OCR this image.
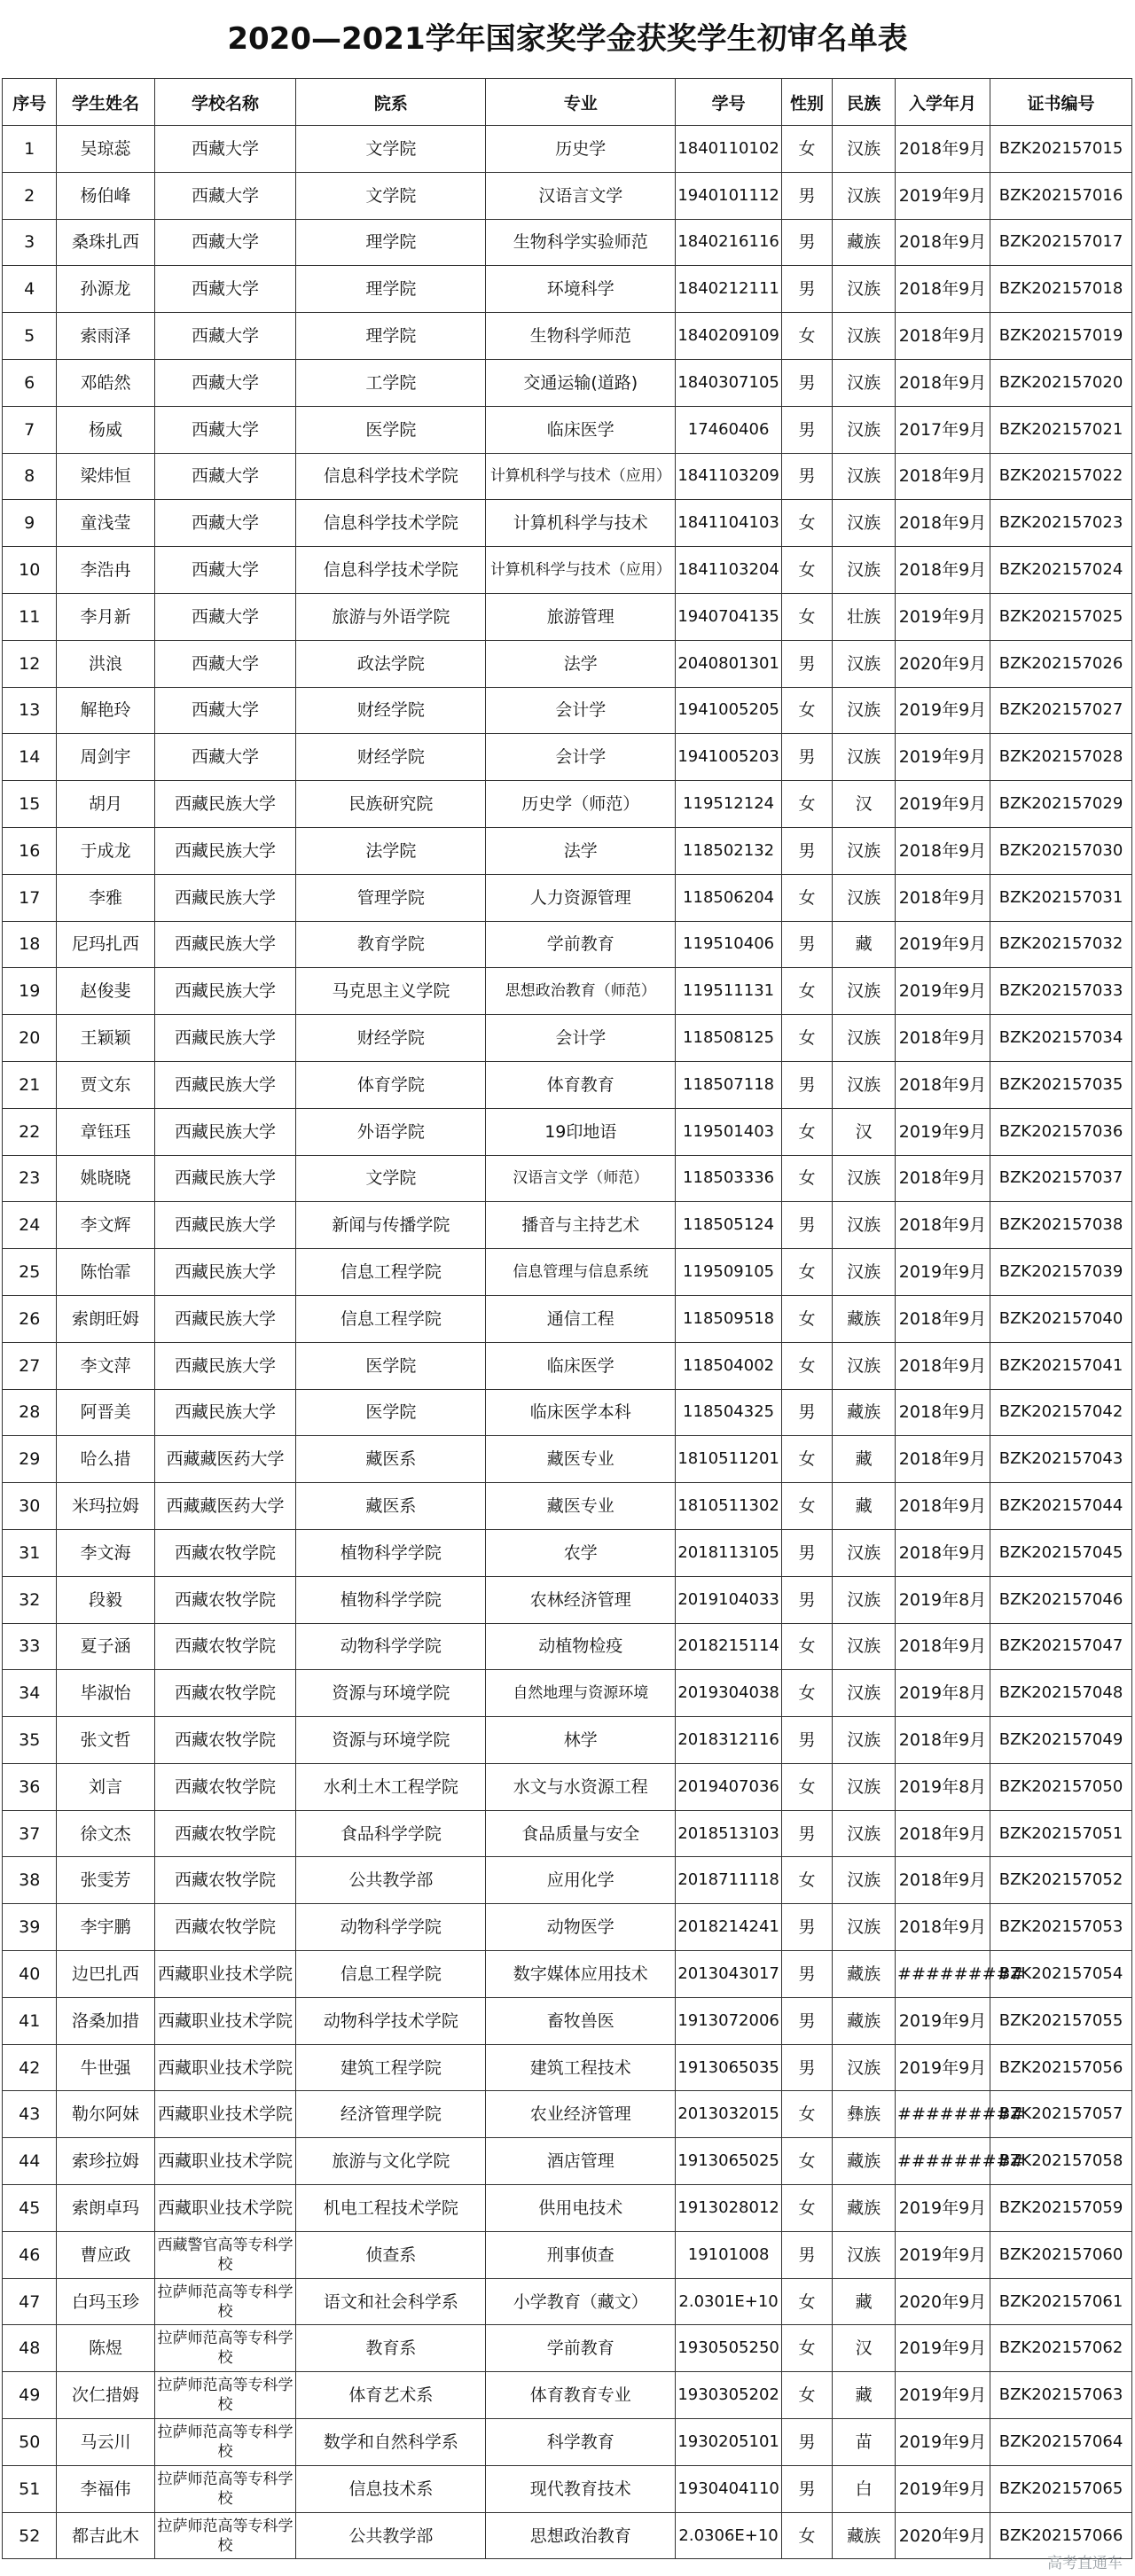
2020—2021学年国家奖学金获奖学生初审名单表
序号	学生姓名	学校名称	院系	专业	学号	性别	民族	入学年月	证书编号
1	吴琼蕊	西藏大学	文学院	历史学	1840110102	女	汉族	2018年9月	BZK202157015
2	杨伯峰	西藏大学	文学院	汉语言文学	1940101112	男	汉族	2019年9月	BZK202157016
3	桑珠扎西	西藏大学	理学院	生物科学实验师范	1840216116	男	藏族	2018年9月	BZK202157017
4	孙源龙	西藏大学	理学院	环境科学	1840212111	男	汉族	2018年9月	BZK202157018
5	索雨泽	西藏大学	理学院	生物科学师范	1840209109	女	汉族	2018年9月	BZK202157019
6	邓皓然	西藏大学	工学院	交通运输(道路)	1840307105	男	汉族	2018年9月	BZK202157020
7	杨威	西藏大学	医学院	临床医学	17460406	男	汉族	2017年9月	BZK202157021
8	梁炜恒	西藏大学	信息科学技术学院	计算机科学与技术（应用）	1841103209	男	汉族	2018年9月	BZK202157022
9	童浅莹	西藏大学	信息科学技术学院	计算机科学与技术	1841104103	女	汉族	2018年9月	BZK202157023
10	李浩冉	西藏大学	信息科学技术学院	计算机科学与技术（应用）	1841103204	女	汉族	2018年9月	BZK202157024
11	李月新	西藏大学	旅游与外语学院	旅游管理	1940704135	女	壮族	2019年9月	BZK202157025
12	洪浪	西藏大学	政法学院	法学	2040801301	男	汉族	2020年9月	BZK202157026
13	解艳玲	西藏大学	财经学院	会计学	1941005205	女	汉族	2019年9月	BZK202157027
14	周剑宇	西藏大学	财经学院	会计学	1941005203	男	汉族	2019年9月	BZK202157028
15	胡月	西藏民族大学	民族研究院	历史学（师范）	119512124	女	汉	2019年9月	BZK202157029
16	于成龙	西藏民族大学	法学院	法学	118502132	男	汉族	2018年9月	BZK202157030
17	李雅	西藏民族大学	管理学院	人力资源管理	118506204	女	汉族	2018年9月	BZK202157031
18	尼玛扎西	西藏民族大学	教育学院	学前教育	119510406	男	藏	2019年9月	BZK202157032
19	赵俊斐	西藏民族大学	马克思主义学院	思想政治教育（师范）	119511131	女	汉族	2019年9月	BZK202157033
20	王颖颖	西藏民族大学	财经学院	会计学	118508125	女	汉族	2018年9月	BZK202157034
21	贾文东	西藏民族大学	体育学院	体育教育	118507118	男	汉族	2018年9月	BZK202157035
22	章钰珏	西藏民族大学	外语学院	19印地语	119501403	女	汉	2019年9月	BZK202157036
23	姚晓晓	西藏民族大学	文学院	汉语言文学（师范）	118503336	女	汉族	2018年9月	BZK202157037
24	李文辉	西藏民族大学	新闻与传播学院	播音与主持艺术	118505124	男	汉族	2018年9月	BZK202157038
25	陈怡霏	西藏民族大学	信息工程学院	信息管理与信息系统	119509105	女	汉族	2019年9月	BZK202157039
26	索朗旺姆	西藏民族大学	信息工程学院	通信工程	118509518	女	藏族	2018年9月	BZK202157040
27	李文萍	西藏民族大学	医学院	临床医学	118504002	女	汉族	2018年9月	BZK202157041
28	阿晋美	西藏民族大学	医学院	临床医学本科	118504325	男	藏族	2018年9月	BZK202157042
29	哈么措	西藏藏医药大学	藏医系	藏医专业	1810511201	女	藏	2018年9月	BZK202157043
30	米玛拉姆	西藏藏医药大学	藏医系	藏医专业	1810511302	女	藏	2018年9月	BZK202157044
31	李文海	西藏农牧学院	植物科学学院	农学	2018113105	男	汉族	2018年9月	BZK202157045
32	段毅	西藏农牧学院	植物科学学院	农林经济管理	2019104033	男	汉族	2019年8月	BZK202157046
33	夏子涵	西藏农牧学院	动物科学学院	动植物检疫	2018215114	女	汉族	2018年9月	BZK202157047
34	毕淑怡	西藏农牧学院	资源与环境学院	自然地理与资源环境	2019304038	女	汉族	2019年8月	BZK202157048
35	张文哲	西藏农牧学院	资源与环境学院	林学	2018312116	男	汉族	2018年9月	BZK202157049
36	刘言	西藏农牧学院	水利土木工程学院	水文与水资源工程	2019407036	女	汉族	2019年8月	BZK202157050
37	徐文杰	西藏农牧学院	食品科学学院	食品质量与安全	2018513103	男	汉族	2018年9月	BZK202157051
38	张雯芳	西藏农牧学院	公共教学部	应用化学	2018711118	女	汉族	2018年9月	BZK202157052
39	李宇鹏	西藏农牧学院	动物科学学院	动物医学	2018214241	男	汉族	2018年9月	BZK202157053
40	边巴扎西	西藏职业技术学院	信息工程学院	数字媒体应用技术	2013043017	男	藏族	#########	BZK202157054
41	洛桑加措	西藏职业技术学院	动物科学技术学院	畜牧兽医	1913072006	男	藏族	2019年9月	BZK202157055
42	牛世强	西藏职业技术学院	建筑工程学院	建筑工程技术	1913065035	男	汉族	2019年9月	BZK202157056
43	勒尔阿妹	西藏职业技术学院	经济管理学院	农业经济管理	2013032015	女	彝族	#########	BZK202157057
44	索珍拉姆	西藏职业技术学院	旅游与文化学院	酒店管理	1913065025	女	藏族	#########	BZK202157058
45	索朗卓玛	西藏职业技术学院	机电工程技术学院	供用电技术	1913028012	女	藏族	2019年9月	BZK202157059
46	曹应政	西藏警官高等专科学校	侦查系	刑事侦查	19101008	男	汉族	2019年9月	BZK202157060
47	白玛玉珍	拉萨师范高等专科学校	语文和社会科学系	小学教育（藏文）	2.0301E+10	女	藏	2020年9月	BZK202157061
48	陈煜	拉萨师范高等专科学校	教育系	学前教育	1930505250	女	汉	2019年9月	BZK202157062
49	次仁措姆	拉萨师范高等专科学校	体育艺术系	体育教育专业	1930305202	女	藏	2019年9月	BZK202157063
50	马云川	拉萨师范高等专科学校	数学和自然科学系	科学教育	1930205101	男	苗	2019年9月	BZK202157064
51	李福伟	拉萨师范高等专科学校	信息技术系	现代教育技术	1930404110	男	白	2019年9月	BZK202157065
52	都吉此木	拉萨师范高等专科学校	公共教学部	思想政治教育	2.0306E+10	女	藏族	2020年9月	BZK202157066
高考直通车
